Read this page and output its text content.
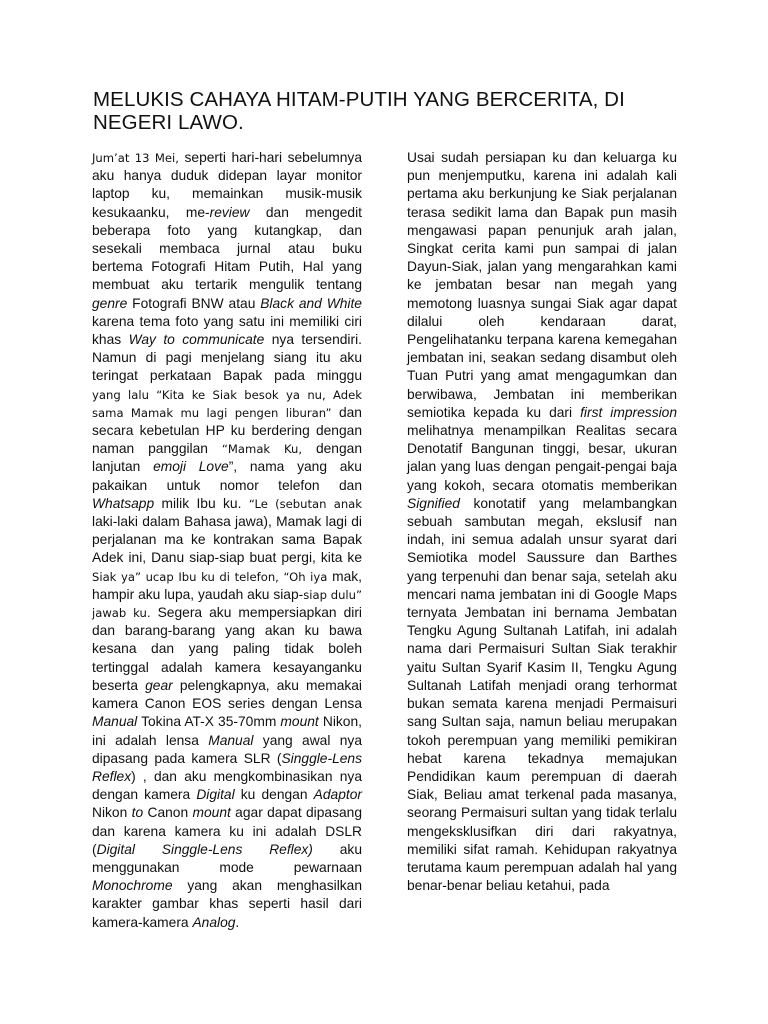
MELUKIS CAHAYA HITAM-PUTIH YANG BERCERITA, DI NEGERI LAWO.

Jum’at 13 Mei, seperti hari-hari sebelumnya aku hanya duduk didepan layar monitor laptop ku, memainkan musik-musik kesukaanku, me-review dan mengedit beberapa foto yang kutangkap, dan sesekali membaca jurnal atau buku bertema Fotografi Hitam Putih, Hal yang membuat aku tertarik mengulik tentang genre Fotografi BNW atau Black and White karena tema foto yang satu ini memiliki ciri khas Way to communicate nya tersendiri. Namun di pagi menjelang siang itu aku teringat perkataan Bapak pada minggu yang lalu “Kita ke Siak besok ya nu, Adek sama Mamak mu lagi pengen liburan” dan secara kebetulan HP ku berdering dengan naman panggilan “Mamak Ku, dengan lanjutan emoji Love”, nama yang aku pakaikan untuk nomor telefon dan Whatsapp milik Ibu ku. “Le (sebutan anak laki-laki dalam Bahasa jawa), Mamak lagi di perjalanan ma ke kontrakan sama Bapak Adek ini, Danu siap-siap buat pergi, kita ke Siak ya” ucap Ibu ku di telefon, “Oh iya mak, hampir aku lupa, yaudah aku siap-siap dulu” jawab ku. Segera aku mempersiapkan diri dan barang-barang yang akan ku bawa kesana dan yang paling tidak boleh tertinggal adalah kamera kesayanganku beserta gear pelengkapnya, aku memakai kamera Canon EOS series dengan Lensa Manual Tokina AT-X 35-70mm mount Nikon, ini adalah lensa Manual yang awal nya dipasang pada kamera SLR (Singgle-Lens Reflex) , dan aku mengkombinasikan nya dengan kamera Digital ku dengan Adaptor Nikon to Canon mount agar dapat dipasang dan karena kamera ku ini adalah DSLR (Digital Singgle-Lens Reflex) aku menggunakan mode pewarnaan Monochrome yang akan menghasilkan karakter gambar khas seperti hasil dari kamera-kamera Analog.

Usai sudah persiapan ku dan keluarga ku pun menjemputku, karena ini adalah kali pertama aku berkunjung ke Siak perjalanan terasa sedikit lama dan Bapak pun masih mengawasi papan penunjuk arah jalan, Singkat cerita kami pun sampai di jalan Dayun-Siak, jalan yang mengarahkan kami ke jembatan besar nan megah yang memotong luasnya sungai Siak agar dapat dilalui oleh kendaraan darat, Pengelihatanku terpana karena kemegahan jembatan ini, seakan sedang disambut oleh Tuan Putri yang amat mengagumkan dan berwibawa, Jembatan ini memberikan semiotika kepada ku dari first impression melihatnya menampilkan Realitas secara Denotatif Bangunan tinggi, besar, ukuran jalan yang luas dengan pengait-pengai baja yang kokoh, secara otomatis memberikan Signified konotatif yang melambangkan sebuah sambutan megah, ekslusif nan indah, ini semua adalah unsur syarat dari Semiotika model Saussure dan Barthes yang terpenuhi dan benar saja, setelah aku mencari nama jembatan ini di Google Maps ternyata Jembatan ini bernama Jembatan Tengku Agung Sultanah Latifah, ini adalah nama dari Permaisuri Sultan Siak terakhir yaitu Sultan Syarif Kasim II, Tengku Agung Sultanah Latifah menjadi orang terhormat bukan semata karena menjadi Permaisuri sang Sultan saja, namun beliau merupakan tokoh perempuan yang memiliki pemikiran hebat karena tekadnya memajukan Pendidikan kaum perempuan di daerah Siak, Beliau amat terkenal pada masanya, seorang Permaisuri sultan yang tidak terlalu mengeksklusifkan diri dari rakyatnya, memiliki sifat ramah. Kehidupan rakyatnya terutama kaum perempuan adalah hal yang benar-benar beliau ketahui, pada
